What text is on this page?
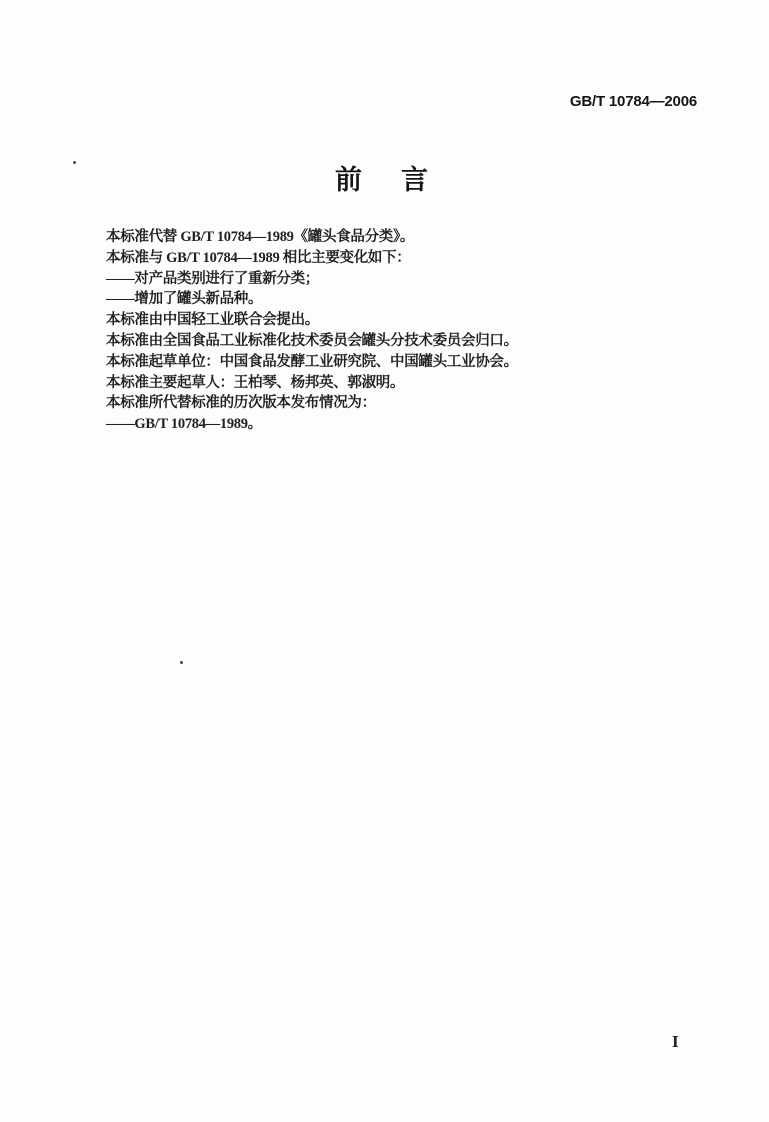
GB/T 10784—2006
前　言

本标准代替 GB/T 10784—1989《罐头食品分类》。

本标准与 GB/T 10784—1989 相比主要变化如下：

——对产品类别进行了重新分类；

——增加了罐头新品种。

本标准由中国轻工业联合会提出。

本标准由全国食品工业标准化技术委员会罐头分技术委员会归口。

本标准起草单位：中国食品发酵工业研究院、中国罐头工业协会。

本标准主要起草人：王柏琴、杨邦英、郭淑明。

本标准所代替标准的历次版本发布情况为：

——GB/T 10784—1989。

I
